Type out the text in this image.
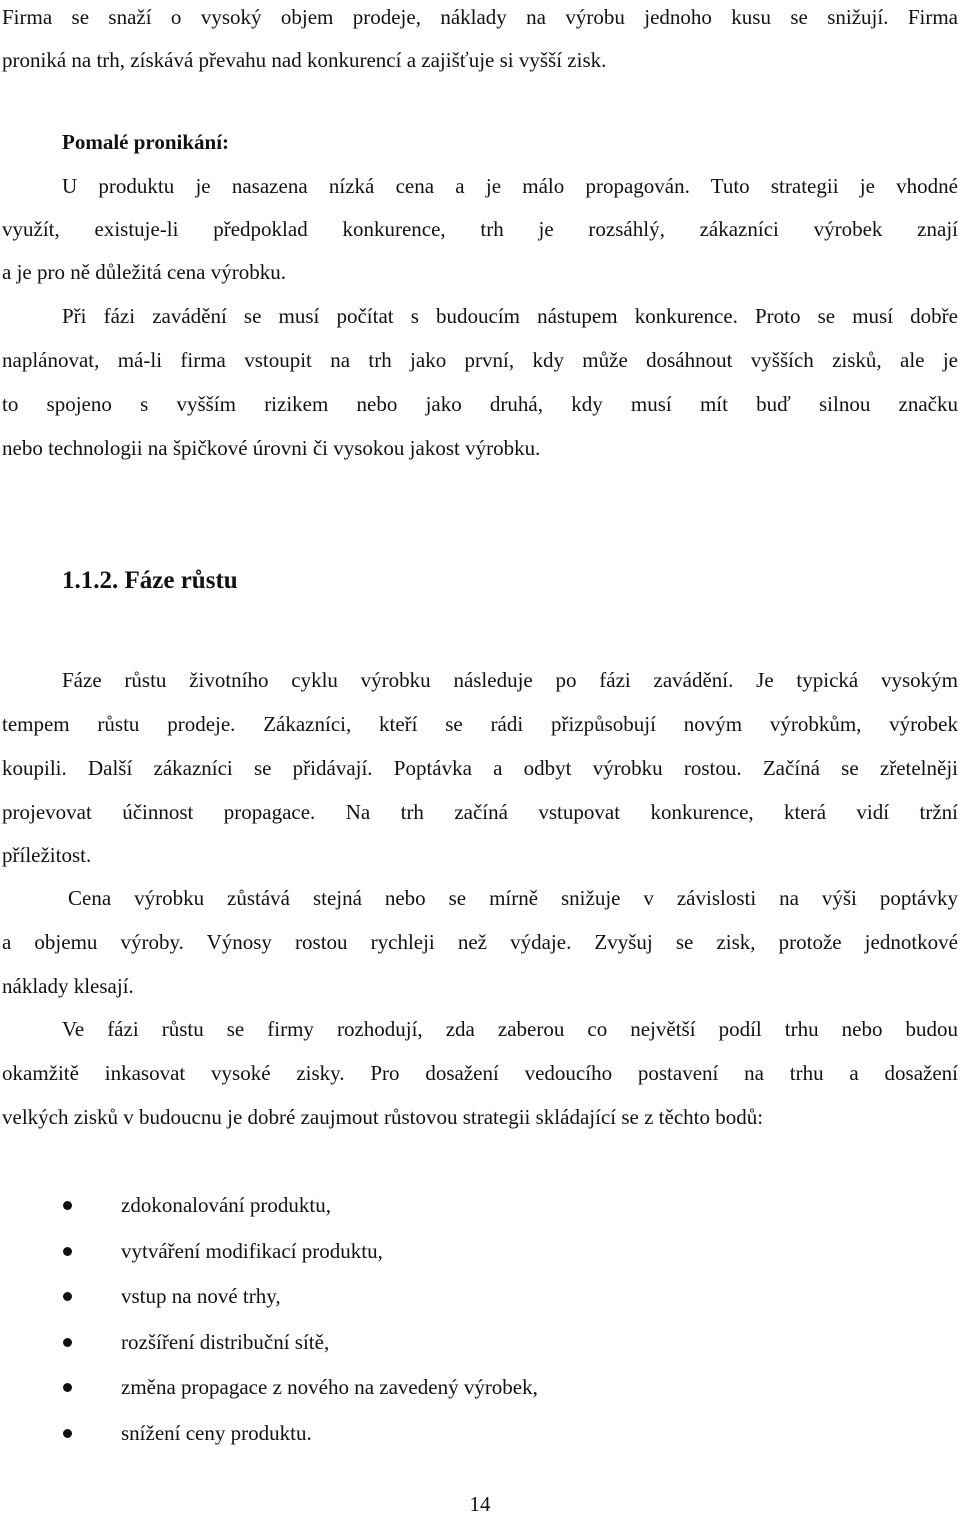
Firma se snaží o vysoký objem prodeje, náklady na výrobu jednoho kusu se snižují. Firma
proniká na trh, získává převahu nad konkurencí a zajišťuje si vyšší zisk.
Pomalé pronikání:
U produktu je nasazena nízká cena a je málo propagován. Tuto strategii je vhodné
využít, existuje-li předpoklad konkurence, trh je rozsáhlý, zákazníci výrobek znají
a je pro ně důležitá cena výrobku.
Při fázi zavádění se musí počítat s budoucím nástupem konkurence. Proto se musí dobře
naplánovat, má-li firma vstoupit na trh jako první, kdy může dosáhnout vyšších zisků, ale je
to spojeno s vyšším rizikem nebo jako druhá, kdy musí mít buď silnou značku
nebo technologii na špičkové úrovni či vysokou jakost výrobku.
1.1.2. Fáze růstu
Fáze růstu životního cyklu výrobku následuje po fázi zavádění. Je typická vysokým
tempem růstu prodeje. Zákazníci, kteří se rádi přizpůsobují novým výrobkům, výrobek
koupili. Další zákazníci se přidávají. Poptávka a odbyt výrobku rostou. Začíná se zřetelněji
projevovat účinnost propagace. Na trh začíná vstupovat konkurence, která vidí tržní
příležitost.
Cena výrobku zůstává stejná nebo se mírně snižuje v závislosti na výši poptávky
a objemu výroby. Výnosy rostou rychleji než výdaje. Zvyšuj se zisk, protože jednotkové
náklady klesají.
Ve fázi růstu se firmy rozhodují, zda zaberou co největší podíl trhu nebo budou
okamžitě inkasovat vysoké zisky. Pro dosažení vedoucího postavení na trhu a dosažení
velkých zisků v budoucnu je dobré zaujmout růstovou strategii skládající se z těchto bodů:
zdokonalování produktu,
vytváření modifikací produktu,
vstup na nové trhy,
rozšíření distribuční sítě,
změna propagace z nového na zavedený výrobek,
snížení ceny produktu.
14
